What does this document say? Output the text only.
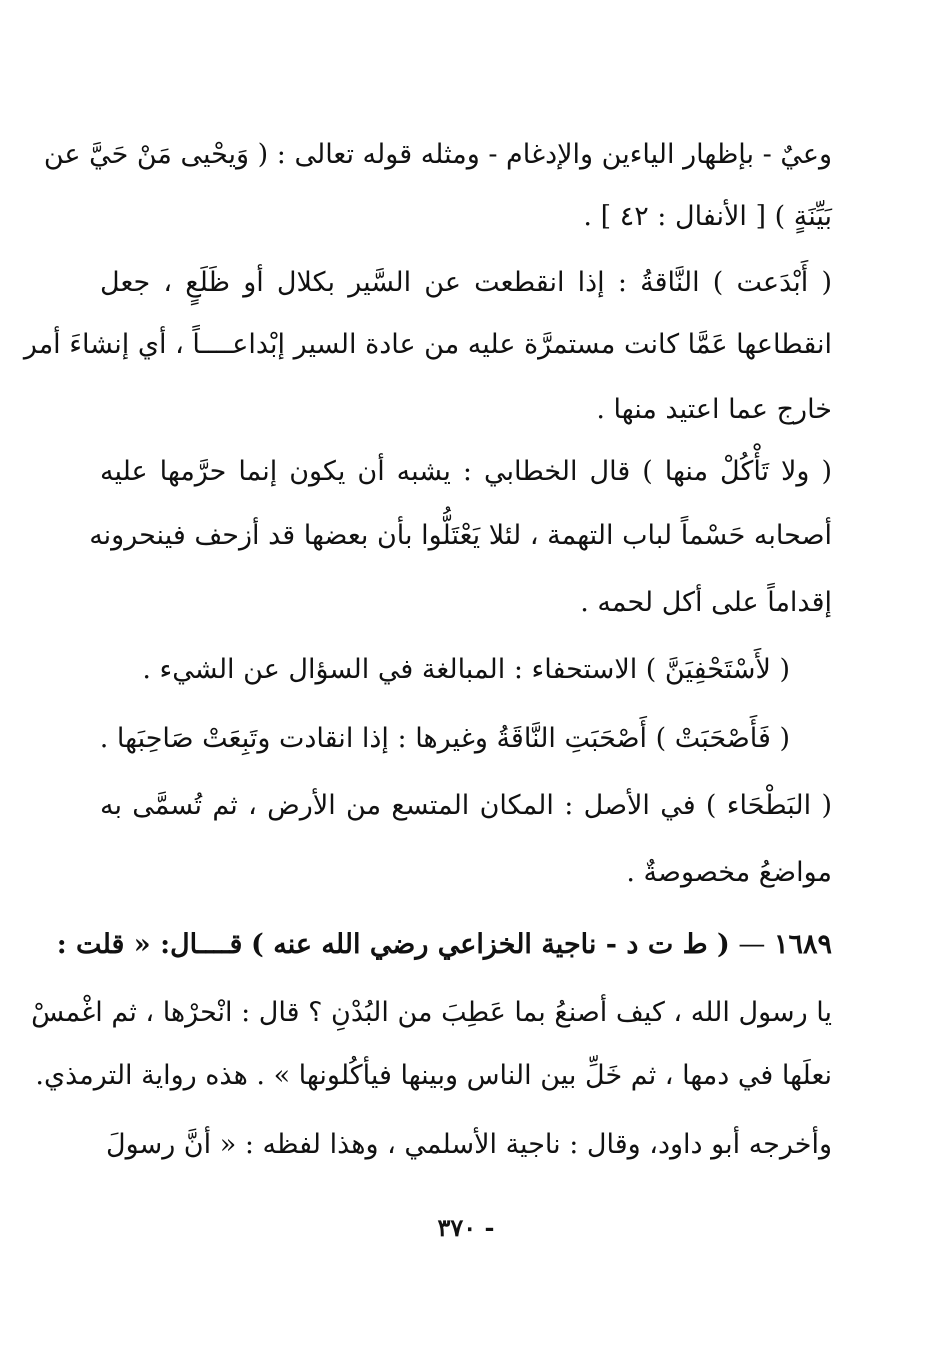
وعيٌ - بإظهار الياءين والإدغام - ومثله قوله تعالى : ( وَيحْيى مَنْ حَيَّ عن
بَيِّنَةٍ ) [ الأنفال : ٤٢ ] .
( أَبْدَعت ) النَّاقةُ : إذا انقطعت عن السَّير بكلال أو ظَلَعٍ ، جعل
انقطاعها عَمَّا كانت مستمرَّة عليه من عادة السير إبْداعــــاً ، أي إنشاءَ أمر
خارج عما اعتيد منها .
( ولا تَأْكُلْ منها ) قال الخطابي : يشبه أن يكون إنما حرَّمها عليه
أصحابه حَسْماً لباب التهمة ، لئلا يَعْتَلُّوا بأن بعضها قد أزحف فينحرونه
إقداماً على أكل لحمه .
( لأَسْتَحْفِيَنَّ ) الاستحفاء : المبالغة في السؤال عن الشيء .
( فَأَصْحَبَتْ ) أَصْحَبَتِ النَّاقَةُ وغيرها : إذا انقادت وتَبِعَتْ صَاحِبَها .
( البَطْحَاء ) في الأصل : المكان المتسع من الأرض ، ثم تُسمَّى به
مواضعُ مخصوصةٌ .
١٦٨٩ — ( ط ت د - ناجية الخزاعي رضي الله عنه ) قــــال: « قلت :
يا رسول الله ، كيف أصنعُ بما عَطِبَ من البُدْنِ ؟ قال : انْحرْها ، ثم اغْمسْ
نعلَها في دمها ، ثم خَلِّ بين الناس وبينها فيأكُلونها » . هذه رواية الترمذي.
وأخرجه أبو داود، وقال : ناجية الأسلمي ، وهذا لفظه : « أنَّ رسولَ
- ٣٧٠
